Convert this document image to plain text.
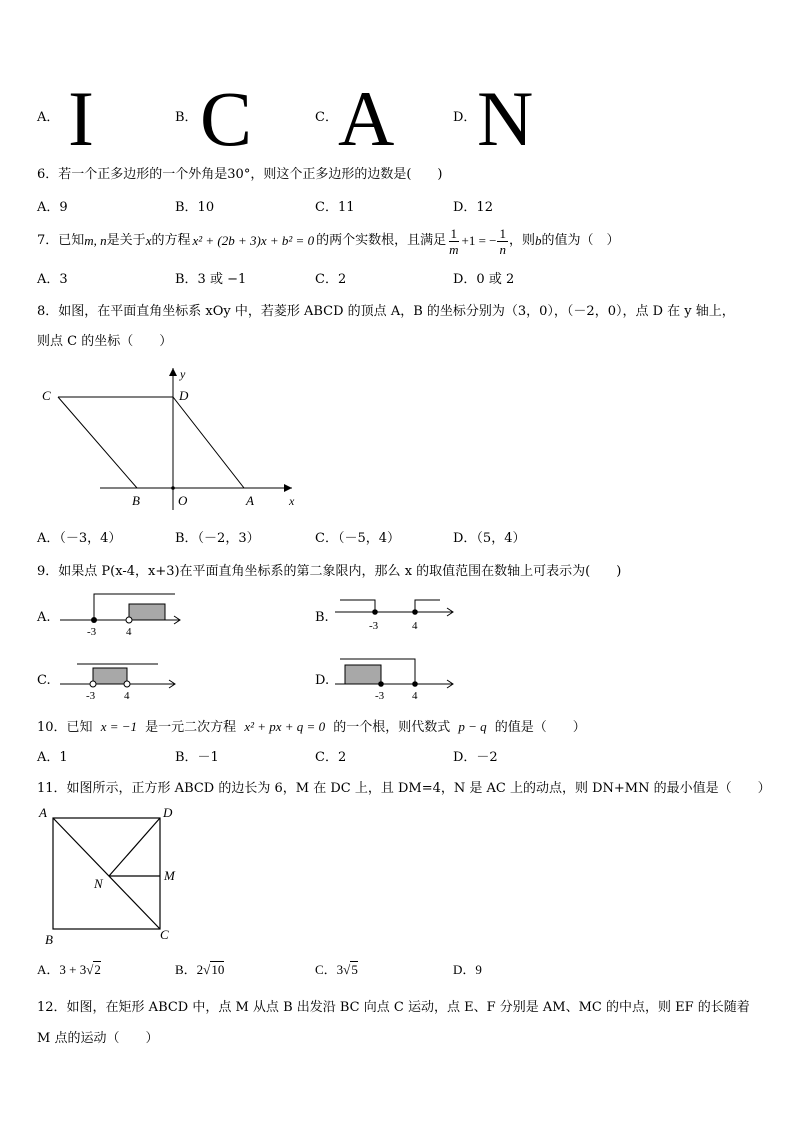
A． I	B． C	C． A	D． N
6．若一个正多边形的一个外角是30°，则这个正多边形的边数是(　　)
A．9	B．10	C．11	D．12
7．已知 m, n 是关于 x 的方程 x² + (2b + 3)x + b² = 0 的两个实数根，且满足 $\frac{1}{m} +1$ = − $\frac{1}{n}$ ，则 b 的值为（　）
A．3	B．3 或 −1	C．2	D．0 或 2
8．如图，在平面直角坐标系 xOy 中，若菱形 ABCD 的顶点 A，B 的坐标分别为（3，0），（－2，0），点 D 在 y 轴上，
则点 C 的坐标（　　）
C	D
y
B	O	A	x
A．（－3，4）	B．（－2，3）	C．（－5，4）	D．（5，4）
9．如果点 P(x-4，x+3)在平面直角坐标系的第二象限内，那么 x 的取值范围在数轴上可表示为(　　)
A.
-3	4
B.
-3	4
C.
-3	4
D.
-3	4
10．已知 x = −1 是一元二次方程 x² + px + q = 0 的一个根，则代数式 p − q 的值是（　　）
A．1	B．－1	C．2	D．－2
11．如图所示，正方形 ABCD 的边长为 6，M 在 DC 上，且 DM=4，N 是 AC 上的动点，则 DN+MN 的最小值是（　　）
A	D
M
N
B	C
A．3 + 3√2	B．2√10	C．3√5	D．9
12．如图，在矩形 ABCD 中，点 M 从点 B 出发沿 BC 向点 C 运动，点 E、F 分别是 AM、MC 的中点，则 EF 的长随着
M 点的运动（　　）
